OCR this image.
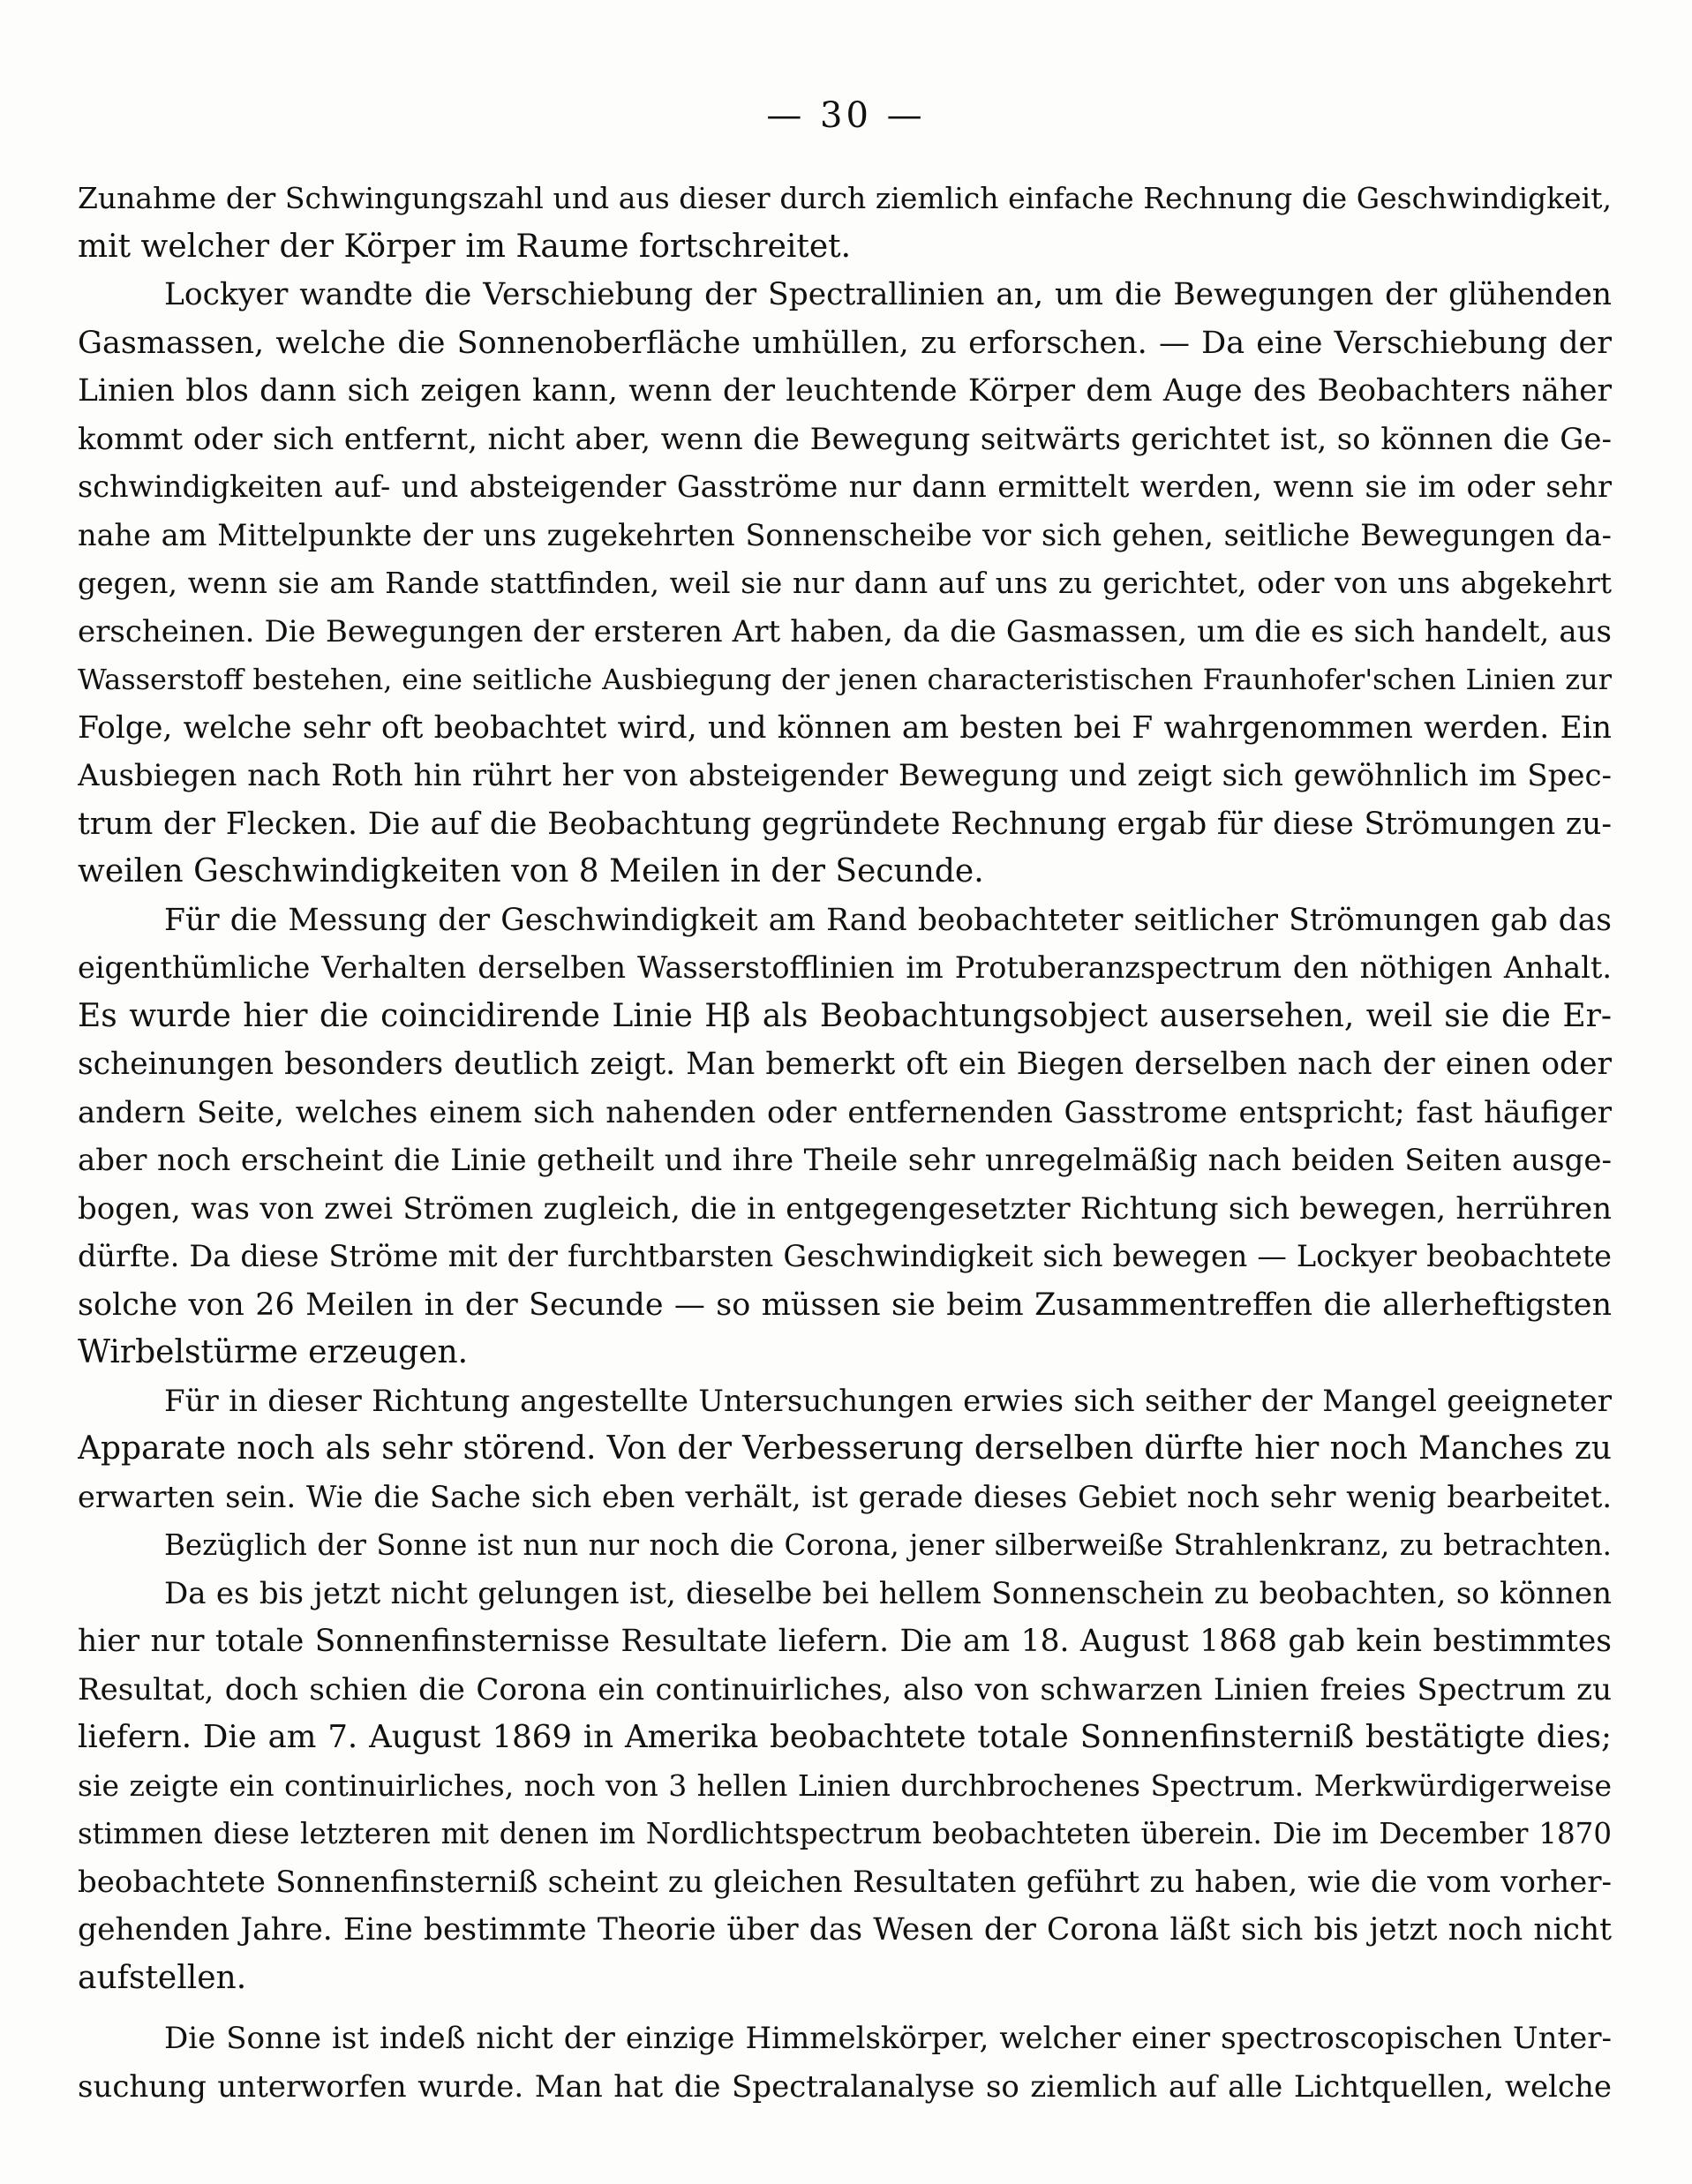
— 30 —
Zunahme der Schwingungszahl und aus dieser durch ziemlich einfache Rechnung die Geschwindigkeit,
mit welcher der Körper im Raume fortschreitet.
Lockyer wandte die Verschiebung der Spectrallinien an, um die Bewegungen der glühenden
Gasmassen, welche die Sonnenoberfläche umhüllen, zu erforschen. — Da eine Verschiebung der
Linien blos dann sich zeigen kann, wenn der leuchtende Körper dem Auge des Beobachters näher
kommt oder sich entfernt, nicht aber, wenn die Bewegung seitwärts gerichtet ist, so können die Ge-
schwindigkeiten auf- und absteigender Gasströme nur dann ermittelt werden, wenn sie im oder sehr
nahe am Mittelpunkte der uns zugekehrten Sonnenscheibe vor sich gehen, seitliche Bewegungen da-
gegen, wenn sie am Rande stattfinden, weil sie nur dann auf uns zu gerichtet, oder von uns abgekehrt
erscheinen. Die Bewegungen der ersteren Art haben, da die Gasmassen, um die es sich handelt, aus
Wasserstoff bestehen, eine seitliche Ausbiegung der jenen characteristischen Fraunhofer'schen Linien zur
Folge, welche sehr oft beobachtet wird, und können am besten bei F wahrgenommen werden. Ein
Ausbiegen nach Roth hin rührt her von absteigender Bewegung und zeigt sich gewöhnlich im Spec-
trum der Flecken. Die auf die Beobachtung gegründete Rechnung ergab für diese Strömungen zu-
weilen Geschwindigkeiten von 8 Meilen in der Secunde.
Für die Messung der Geschwindigkeit am Rand beobachteter seitlicher Strömungen gab das
eigenthümliche Verhalten derselben Wasserstofflinien im Protuberanzspectrum den nöthigen Anhalt.
Es wurde hier die coincidirende Linie Hβ als Beobachtungsobject ausersehen, weil sie die Er-
scheinungen besonders deutlich zeigt. Man bemerkt oft ein Biegen derselben nach der einen oder
andern Seite, welches einem sich nahenden oder entfernenden Gasstrome entspricht; fast häufiger
aber noch erscheint die Linie getheilt und ihre Theile sehr unregelmäßig nach beiden Seiten ausge-
bogen, was von zwei Strömen zugleich, die in entgegengesetzter Richtung sich bewegen, herrühren
dürfte. Da diese Ströme mit der furchtbarsten Geschwindigkeit sich bewegen — Lockyer beobachtete
solche von 26 Meilen in der Secunde — so müssen sie beim Zusammentreffen die allerheftigsten
Wirbelstürme erzeugen.
Für in dieser Richtung angestellte Untersuchungen erwies sich seither der Mangel geeigneter
Apparate noch als sehr störend. Von der Verbesserung derselben dürfte hier noch Manches zu
erwarten sein. Wie die Sache sich eben verhält, ist gerade dieses Gebiet noch sehr wenig bearbeitet.
Bezüglich der Sonne ist nun nur noch die Corona, jener silberweiße Strahlenkranz, zu betrachten.
Da es bis jetzt nicht gelungen ist, dieselbe bei hellem Sonnenschein zu beobachten, so können
hier nur totale Sonnenfinsternisse Resultate liefern. Die am 18. August 1868 gab kein bestimmtes
Resultat, doch schien die Corona ein continuirliches, also von schwarzen Linien freies Spectrum zu
liefern. Die am 7. August 1869 in Amerika beobachtete totale Sonnenfinsterniß bestätigte dies;
sie zeigte ein continuirliches, noch von 3 hellen Linien durchbrochenes Spectrum. Merkwürdigerweise
stimmen diese letzteren mit denen im Nordlichtspectrum beobachteten überein. Die im December 1870
beobachtete Sonnenfinsterniß scheint zu gleichen Resultaten geführt zu haben, wie die vom vorher-
gehenden Jahre. Eine bestimmte Theorie über das Wesen der Corona läßt sich bis jetzt noch nicht
aufstellen.
Die Sonne ist indeß nicht der einzige Himmelskörper, welcher einer spectroscopischen Unter-
suchung unterworfen wurde. Man hat die Spectralanalyse so ziemlich auf alle Lichtquellen, welche
